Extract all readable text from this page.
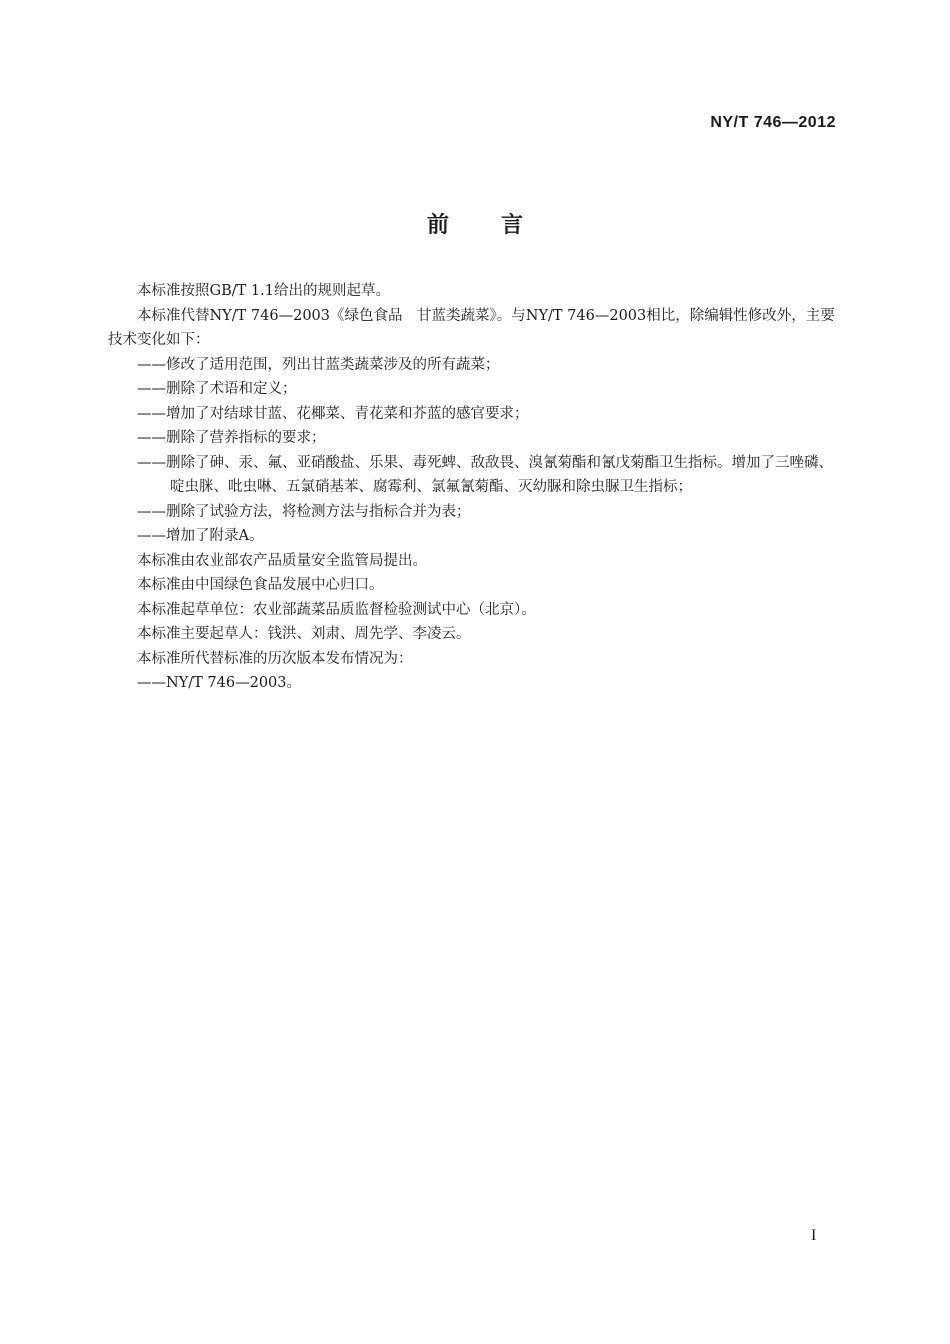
NY/T 746—2012
前言

本标准按照GB/T 1.1给出的规则起草。

本标准代替NY/T 746—2003《绿色食品　甘蓝类蔬菜》。与NY/T 746—2003相比，除编辑性修改外，主要技术变化如下：

——修改了适用范围，列出甘蓝类蔬菜涉及的所有蔬菜；

——删除了术语和定义；

——增加了对结球甘蓝、花椰菜、青花菜和芥蓝的感官要求；

——删除了营养指标的要求；

——删除了砷、汞、氟、亚硝酸盐、乐果、毒死蜱、敌敌畏、溴氰菊酯和氰戊菊酯卫生指标。增加了三唑磷、啶虫脒、吡虫啉、五氯硝基苯、腐霉利、氯氟氰菊酯、灭幼脲和除虫脲卫生指标；

——删除了试验方法，将检测方法与指标合并为表；

——增加了附录A。

本标准由农业部农产品质量安全监管局提出。

本标准由中国绿色食品发展中心归口。

本标准起草单位：农业部蔬菜品质监督检验测试中心（北京）。

本标准主要起草人：钱洪、刘肃、周先学、李凌云。

本标准所代替标准的历次版本发布情况为：

——NY/T 746—2003。

I
